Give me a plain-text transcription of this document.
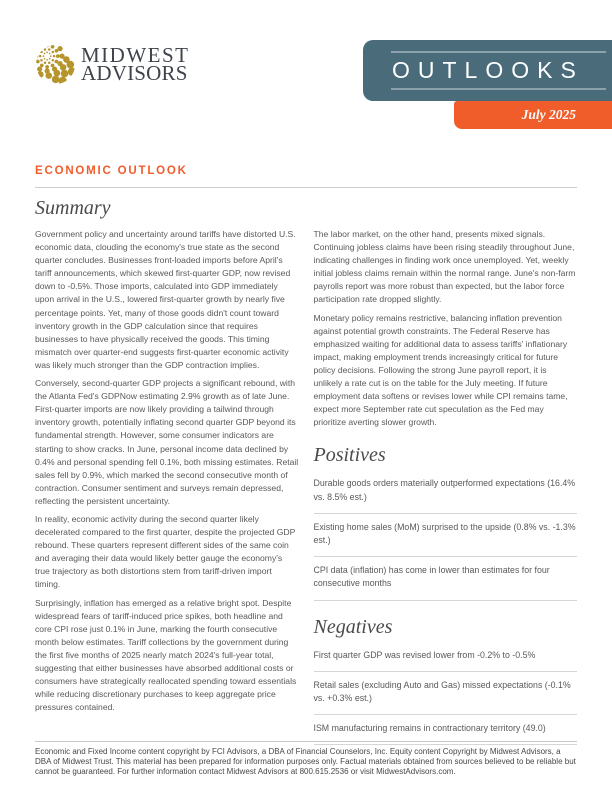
MIDWEST
ADVISORS	OUTLOOKS
July 2025
ECONOMIC OUTLOOK
Summary

Government policy and uncertainty around tariffs have distorted U.S. economic data, clouding the economy's true state as the second quarter concludes. Businesses front-loaded imports before April's tariff announcements, which skewed first-quarter GDP, now revised down to -0.5%. Those imports, calculated into GDP immediately upon arrival in the U.S., lowered first-quarter growth by nearly five percentage points. Yet, many of those goods didn't count toward inventory growth in the GDP calculation since that requires businesses to have physically received the goods. This timing mismatch over quarter-end suggests first-quarter economic activity was likely much stronger than the GDP contraction implies.

Conversely, second-quarter GDP projects a significant rebound, with the Atlanta Fed's GDPNow estimating 2.9% growth as of late June. First-quarter imports are now likely providing a tailwind through inventory growth, potentially inflating second quarter GDP beyond its fundamental strength. However, some consumer indicators are starting to show cracks. In June, personal income data declined by 0.4% and personal spending fell 0.1%, both missing estimates. Retail sales fell by 0.9%, which marked the second consecutive month of contraction. Consumer sentiment and surveys remain depressed, reflecting the persistent uncertainty.

In reality, economic activity during the second quarter likely decelerated compared to the first quarter, despite the projected GDP rebound. These quarters represent different sides of the same coin and averaging their data would likely better gauge the economy's true trajectory as both distortions stem from tariff-driven import timing.

Surprisingly, inflation has emerged as a relative bright spot. Despite widespread fears of tariff-induced price spikes, both headline and core CPI rose just 0.1% in June, marking the fourth consecutive month below estimates. Tariff collections by the government during the first five months of 2025 nearly match 2024's full-year total, suggesting that either businesses have absorbed additional costs or consumers have strategically reallocated spending toward essentials while reducing discretionary purchases to keep aggregate price pressures contained.

The labor market, on the other hand, presents mixed signals. Continuing jobless claims have been rising steadily throughout June, indicating challenges in finding work once unemployed. Yet, weekly initial jobless claims remain within the normal range. June's non-farm payrolls report was more robust than expected, but the labor force participation rate dropped slightly.

Monetary policy remains restrictive, balancing inflation prevention against potential growth constraints. The Federal Reserve has emphasized waiting for additional data to assess tariffs' inflationary impact, making employment trends increasingly critical for future policy decisions. Following the strong June payroll report, it is unlikely a rate cut is on the table for the July meeting. If future employment data softens or revises lower while CPI remains tame, expect more September rate cut speculation as the Fed may prioritize averting slower growth.

Positives
Durable goods orders materially outperformed expectations (16.4% vs. 8.5% est.)
Existing home sales (MoM) surprised to the upside (0.8% vs. -1.3% est.)
CPI data (inflation) has come in lower than estimates for four consecutive months
Negatives
First quarter GDP was revised lower from -0.2% to -0.5%
Retail sales (excluding Auto and Gas) missed expectations (-0.1% vs. +0.3% est.)
ISM manufacturing remains in contractionary territory (49.0)
Economic and Fixed Income content copyright by FCI Advisors, a DBA of Financial Counselors, Inc. Equity content Copyright by Midwest Advisors, a DBA of Midwest Trust. This material has been prepared for information purposes only. Factual materials obtained from sources believed to be reliable but cannot be guaranteed. For further information contact Midwest Advisors at 800.615.2536 or visit MidwestAdvisors.com.
